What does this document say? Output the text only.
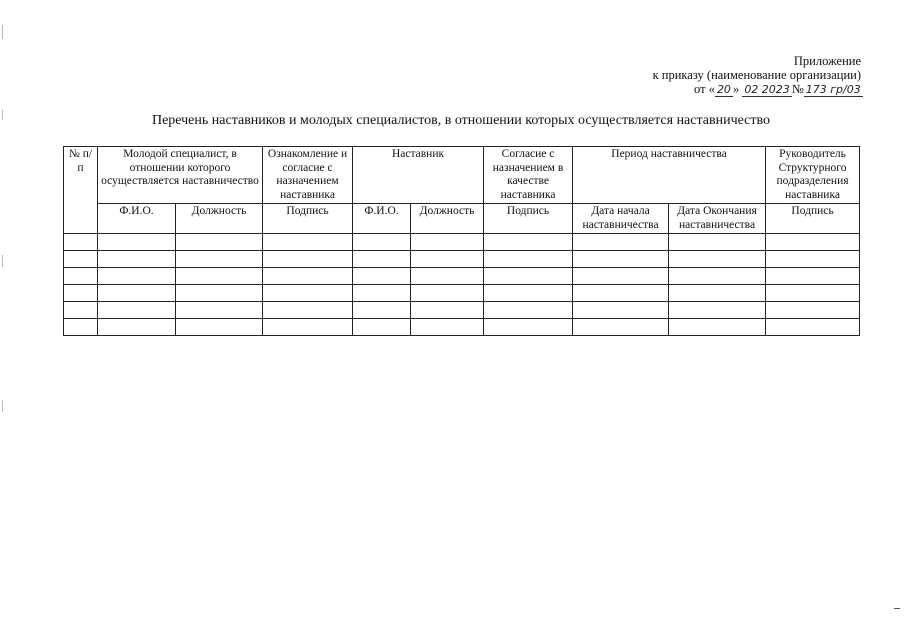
Приложение
к приказу (наименование организации)
от « 20 » 02 2023 № 173 гр/03
Перечень наставников и молодых специалистов, в отношении которых осуществляется наставничество
№ п/п	Молодой специалист, в отношении которого осуществляется наставничество		Ознакомление и согласие с назначением наставника	Наставник		Согласие с назначением в качестве наставника	Период наставничества		Руководитель Структурного подразделения наставника
	Ф.И.О.	Должность	Подпись	Ф.И.О.	Должность	Подпись	Дата начала наставничества	Дата Окончания наставничества	Подпись
